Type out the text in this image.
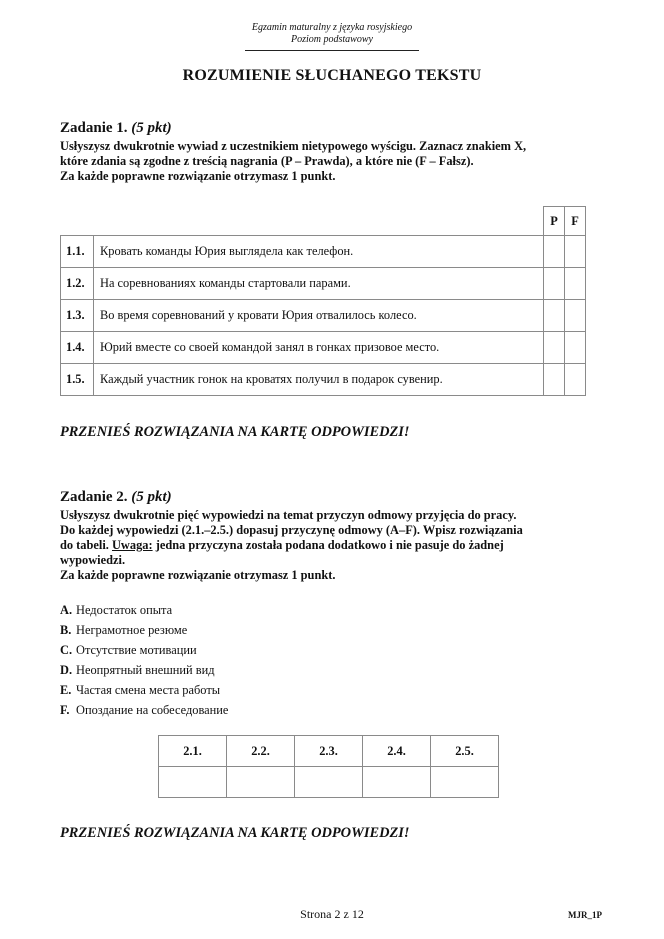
Egzamin maturalny z języka rosyjskiego
Poziom podstawowy
ROZUMIENIE SŁUCHANEGO TEKSTU
Zadanie 1. (5 pkt)
Usłyszysz dwukrotnie wywiad z uczestnikiem nietypowego wyścigu. Zaznacz znakiem X,
które zdania są zgodne z treścią nagrania (P – Prawda), a które nie (F – Fałsz).
Za każde poprawne rozwiązanie otrzymasz 1 punkt.
		P	F
1.1.	Кровать команды Юрия выглядела как телефон.		
1.2.	На соревнованиях команды стартовали парами.		
1.3.	Во время соревнований у кровати Юрия отвалилось колесо.		
1.4.	Юрий вместе со своей командой занял в гонках призовое место.		
1.5.	Каждый участник гонок на кроватях получил в подарок сувенир.		
PRZENIEŚ ROZWIĄZANIA NA KARTĘ ODPOWIEDZI!
Zadanie 2. (5 pkt)
Usłyszysz dwukrotnie pięć wypowiedzi na temat przyczyn odmowy przyjęcia do pracy.
Do każdej wypowiedzi (2.1.–2.5.) dopasuj przyczynę odmowy (A–F). Wpisz rozwiązania
do tabeli. Uwaga: jedna przyczyna została podana dodatkowo i nie pasuje do żadnej
wypowiedzi.
Za każde poprawne rozwiązanie otrzymasz 1 punkt.
A. Недостаток опыта
B. Неграмотное резюме
C. Отсутствие мотивации
D. Неопрятный внешний вид
E. Частая смена места работы
F. Опоздание на собеседование
2.1.	2.2.	2.3.	2.4.	2.5.

PRZENIEŚ ROZWIĄZANIA NA KARTĘ ODPOWIEDZI!
Strona 2 z 12	MJR_1P
